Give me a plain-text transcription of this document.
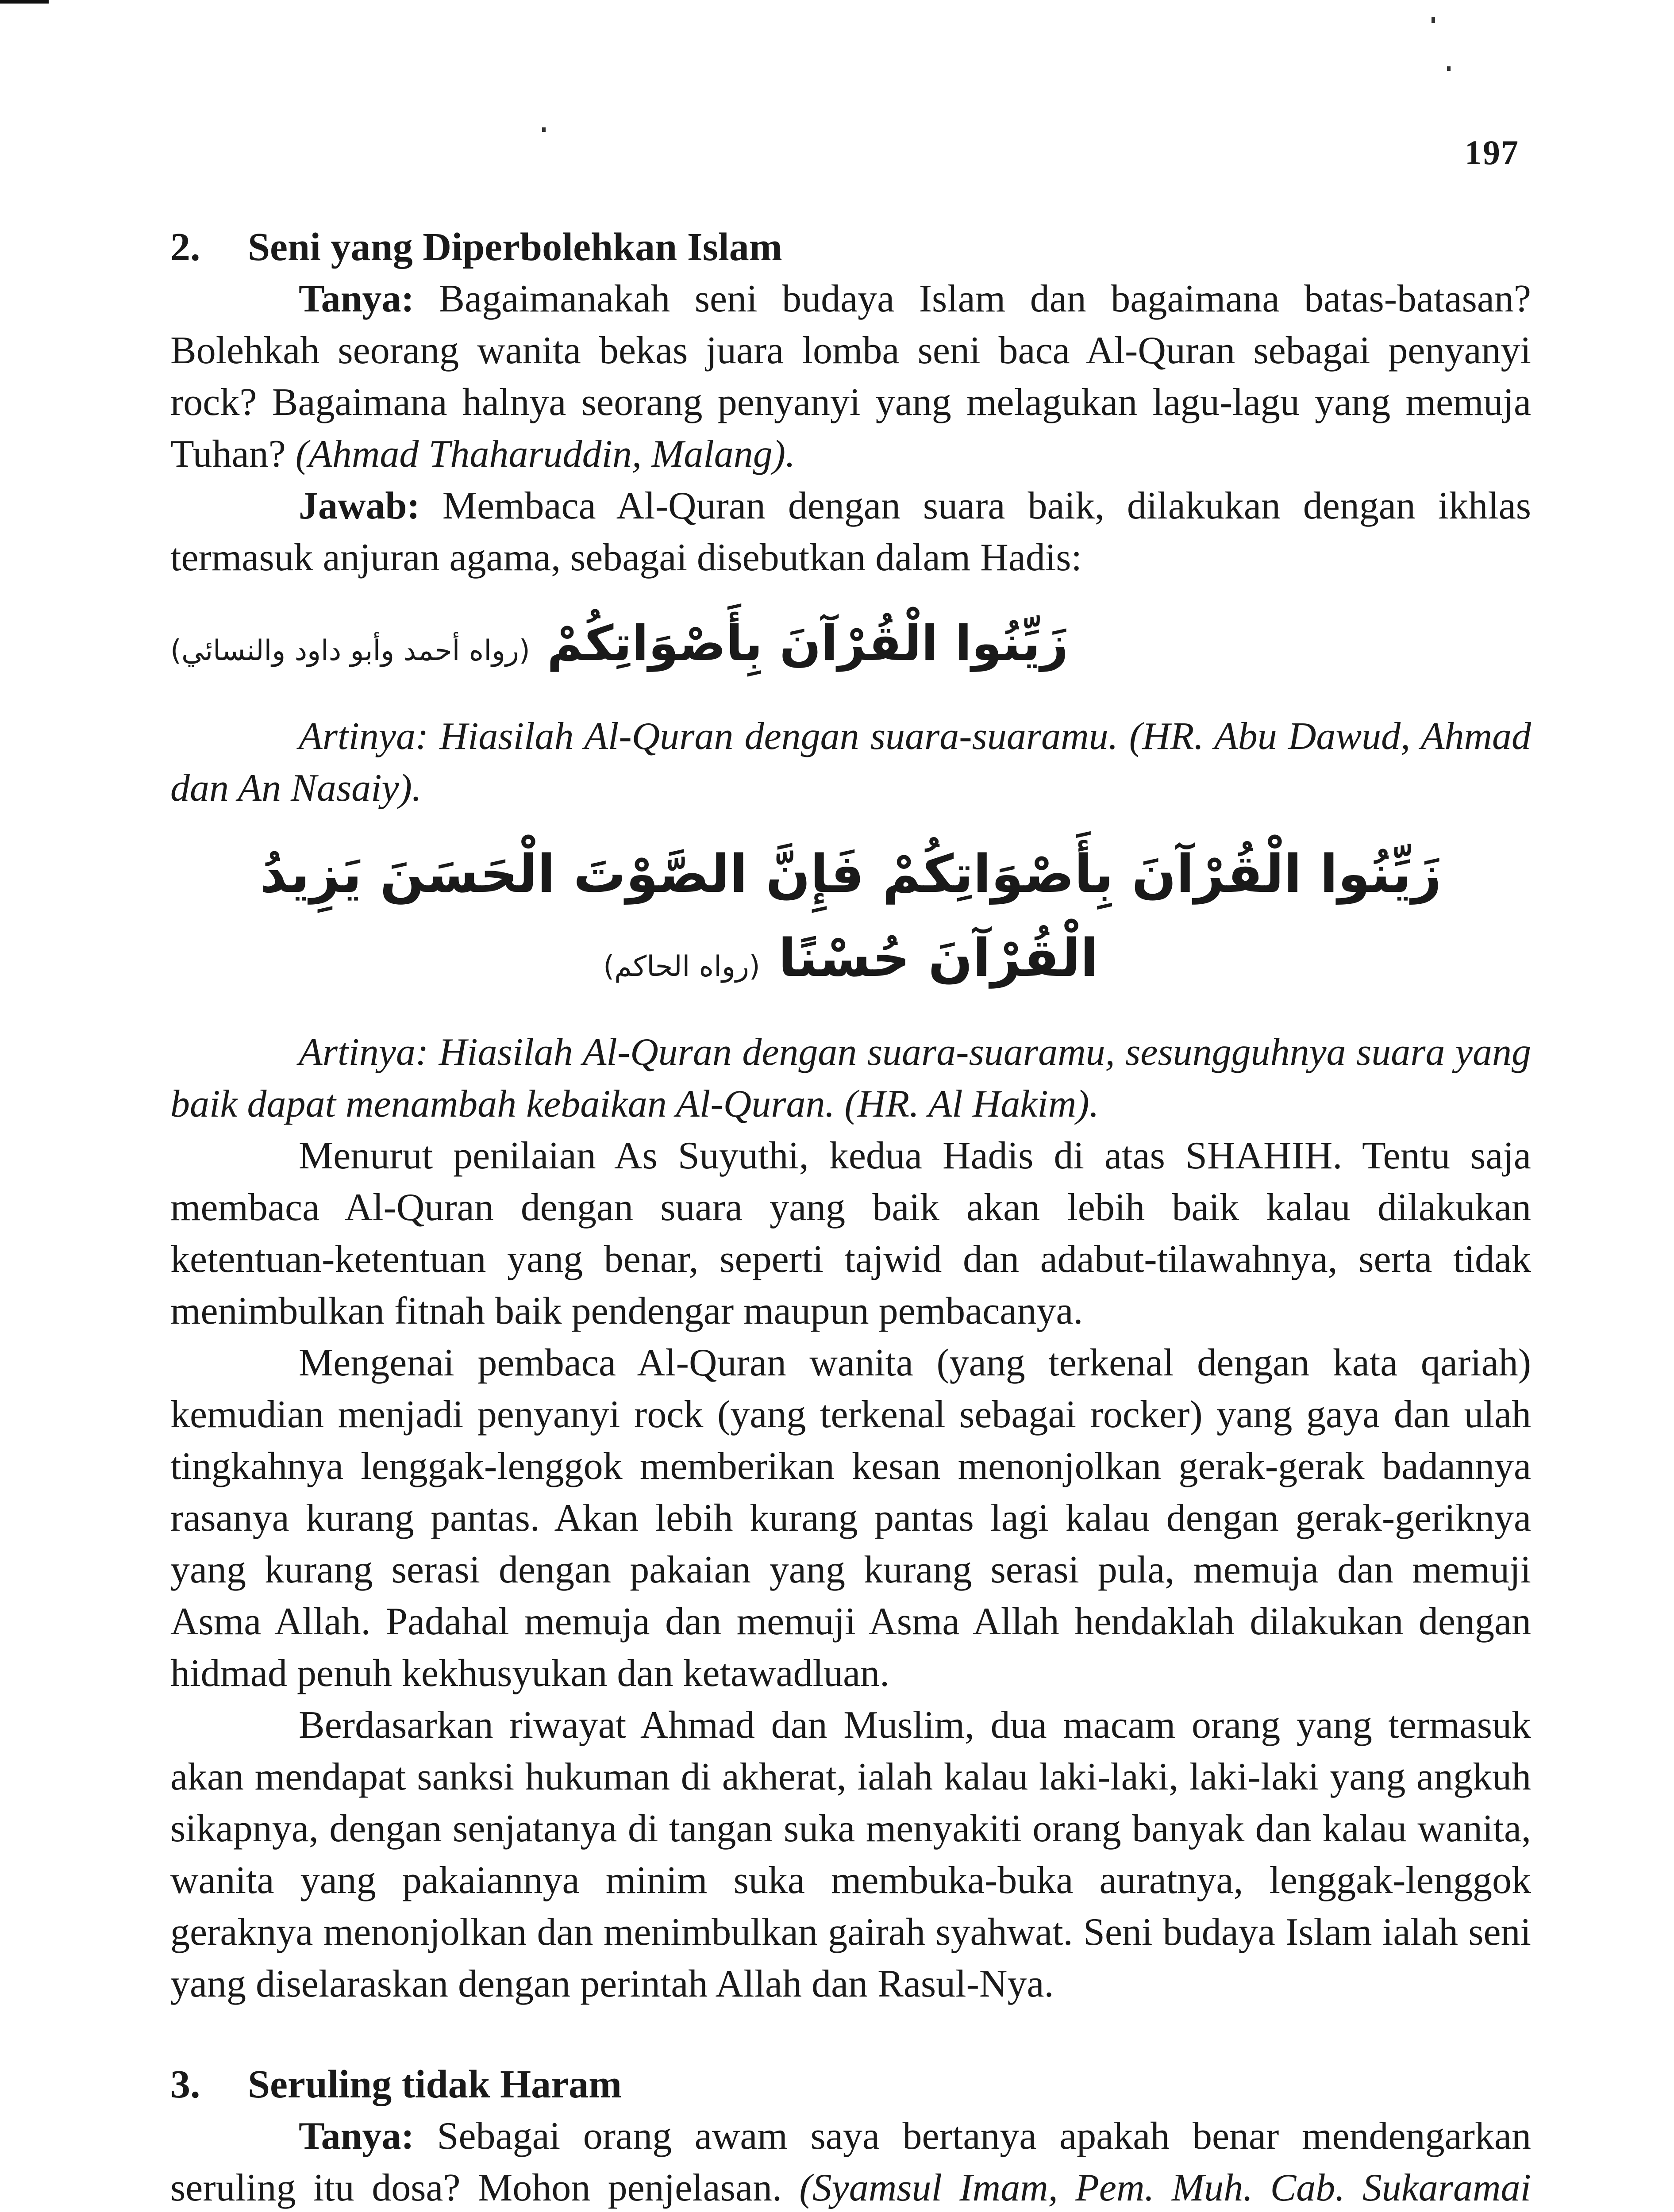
197
2. Seni yang Diperbolehkan Islam

Tanya: Bagaimanakah seni budaya Islam dan bagaimana batas-batasan? Bolehkah seorang wanita bekas juara lomba seni baca Al-Quran sebagai penyanyi rock? Bagaimana halnya seorang penyanyi yang melagukan lagu-lagu yang memuja Tuhan? (Ahmad Thaharuddin, Malang).

Jawab: Membaca Al-Quran dengan suara baik, dilakukan dengan ikhlas termasuk anjuran agama, sebagai disebutkan dalam Hadis:

زَيِّنُوا الْقُرْآنَ بِأَصْوَاتِكُمْ (رواه أحمد وأبو داود والنسائي)

Artinya: Hiasilah Al-Quran dengan suara-suaramu. (HR. Abu Dawud, Ahmad dan An Nasaiy).

زَيِّنُوا الْقُرْآنَ بِأَصْوَاتِكُمْ فَإِنَّ الصَّوْتَ الْحَسَنَ يَزِيدُ الْقُرْآنَ حُسْنًا (رواه الحاكم)

Artinya: Hiasilah Al-Quran dengan suara-suaramu, sesungguhnya suara yang baik dapat menambah kebaikan Al-Quran. (HR. Al Hakim).

Menurut penilaian As Suyuthi, kedua Hadis di atas SHAHIH. Tentu saja membaca Al-Quran dengan suara yang baik akan lebih baik kalau dilakukan ketentuan-ketentuan yang benar, seperti tajwid dan adabut-tilawahnya, serta tidak menimbulkan fitnah baik pendengar maupun pembacanya.

Mengenai pembaca Al-Quran wanita (yang terkenal dengan kata qariah) kemudian menjadi penyanyi rock (yang terkenal sebagai rocker) yang gaya dan ulah tingkahnya lenggak-lenggok memberikan kesan menonjolkan gerak-gerak badannya rasanya kurang pantas. Akan lebih kurang pantas lagi kalau dengan gerak-geriknya yang kurang serasi dengan pakaian yang kurang serasi pula, memuja dan memuji Asma Allah. Padahal memuja dan memuji Asma Allah hendaklah dilakukan dengan hidmad penuh kekhusyukan dan ketawadluan.

Berdasarkan riwayat Ahmad dan Muslim, dua macam orang yang termasuk akan mendapat sanksi hukuman di akherat, ialah kalau laki-laki, laki-laki yang angkuh sikapnya, dengan senjatanya di tangan suka menyakiti orang banyak dan kalau wanita, wanita yang pakaiannya minim suka membuka-buka auratnya, lenggak-lenggok geraknya menonjolkan dan menimbulkan gairah syahwat. Seni budaya Islam ialah seni yang diselaraskan dengan perintah Allah dan Rasul-Nya.

3. Seruling tidak Haram

Tanya: Sebagai orang awam saya bertanya apakah benar mendengarkan seruling itu dosa? Mohon penjelasan. (Syamsul Imam, Pem. Muh. Cab. Sukaramai
